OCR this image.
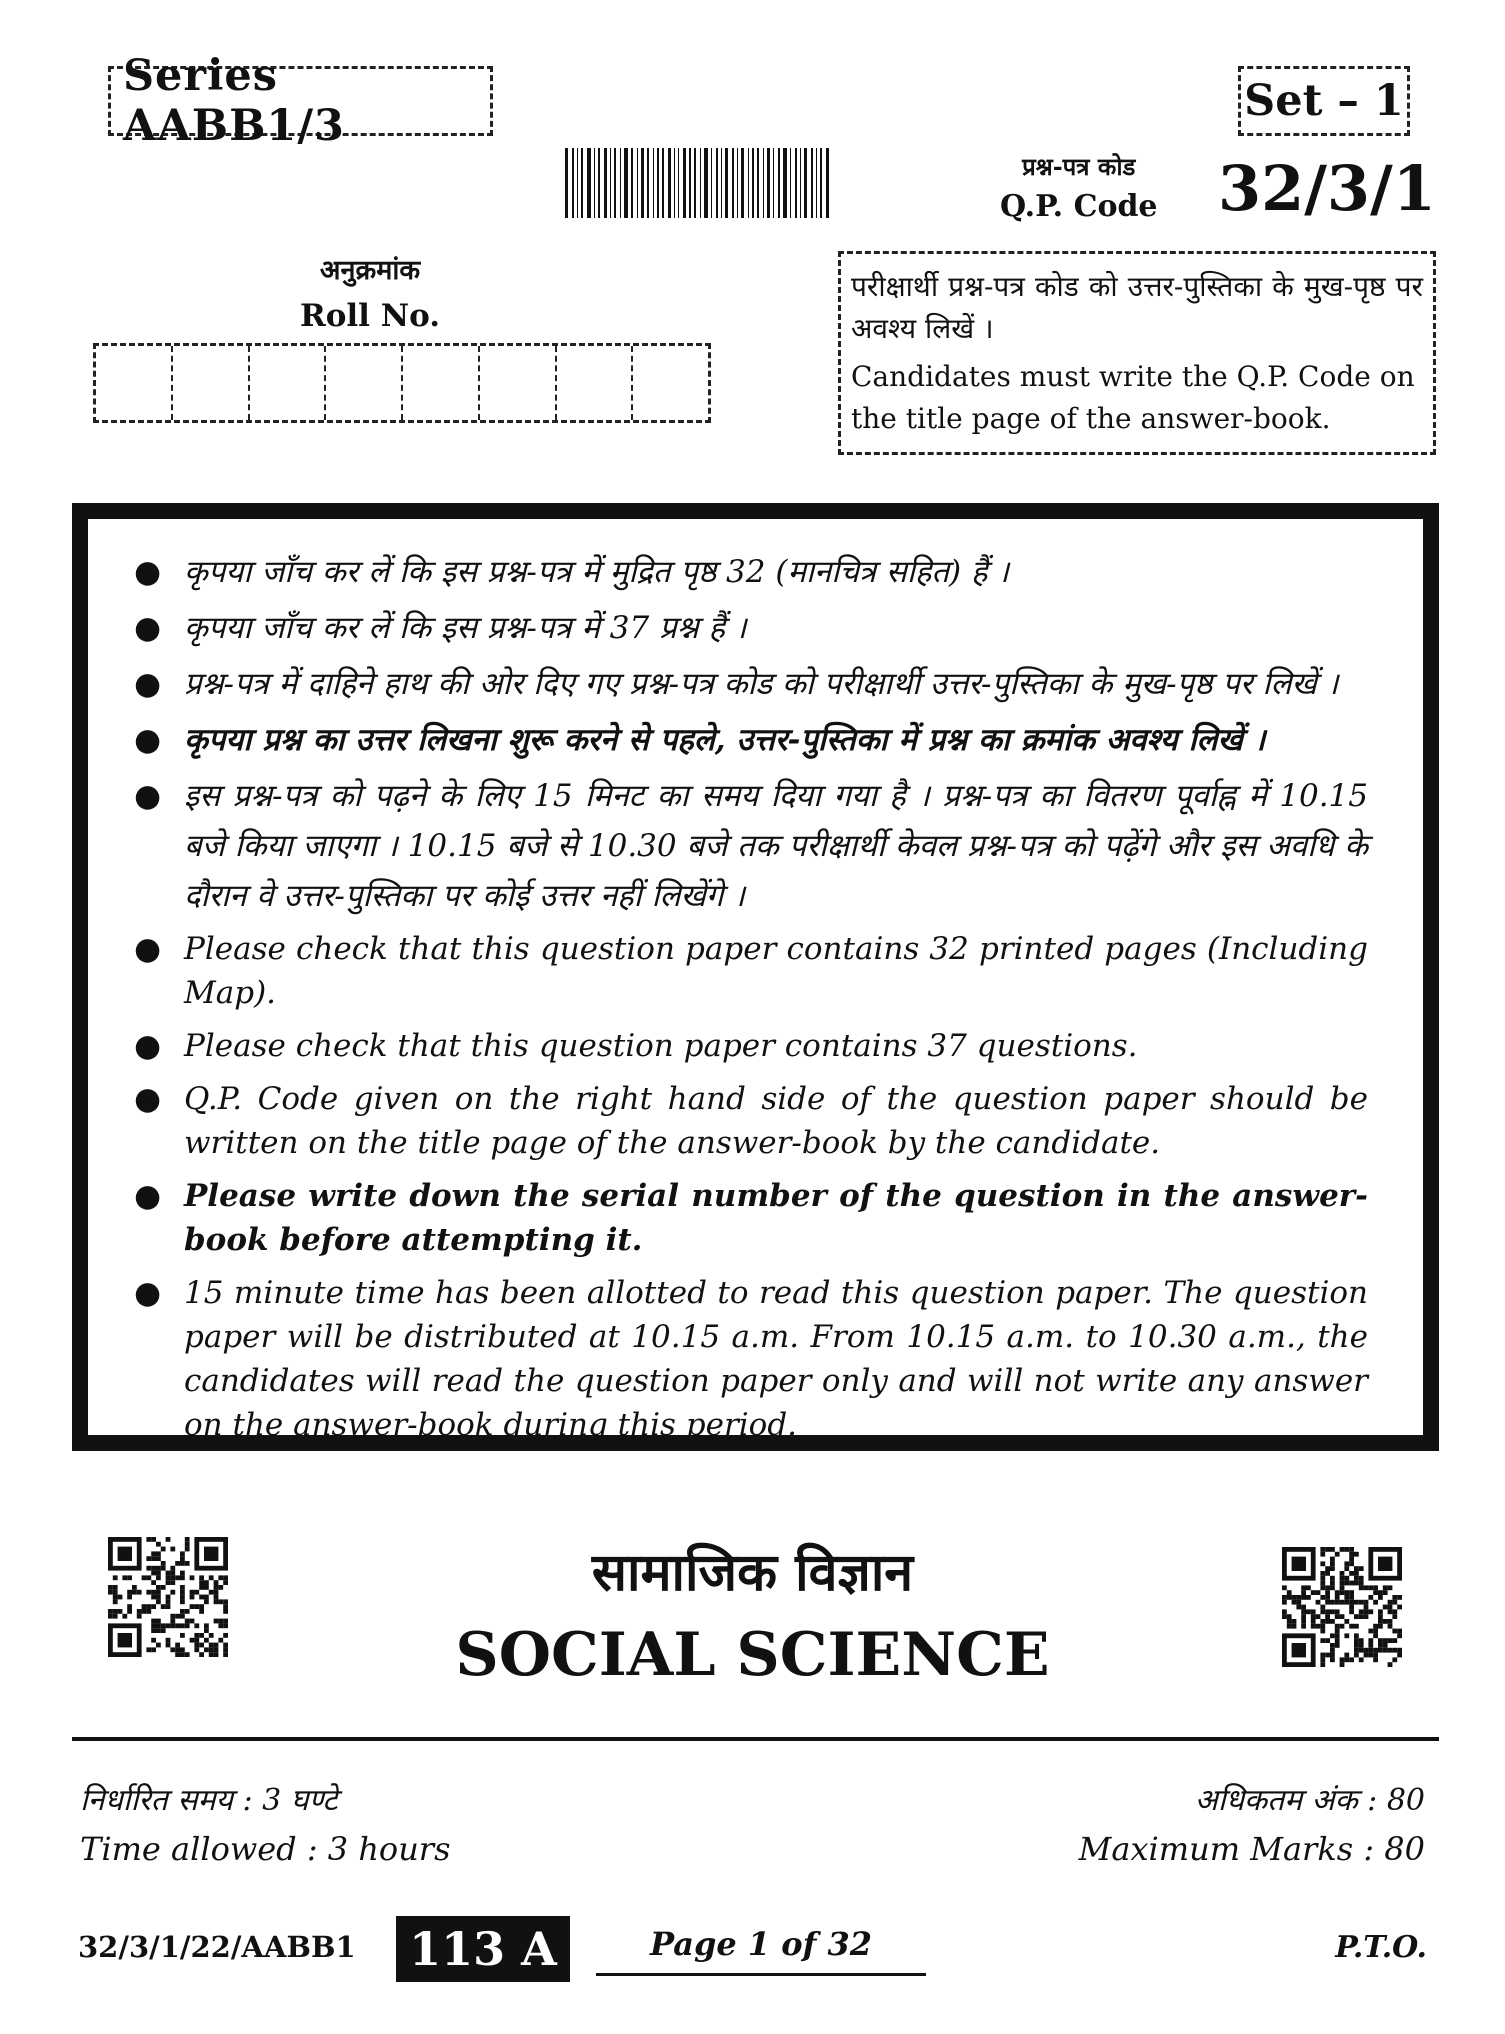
Series AABB1/3	Set – 1
प्रश्न-पत्र कोड
Q.P. Code 32/3/1
अनुक्रमांक
Roll No.
परीक्षार्थी प्रश्न-पत्र कोड को उत्तर-पुस्तिका के मुख-पृष्ठ पर अवश्य लिखें ।
Candidates must write the Q.P. Code on the title page of the answer-book.
● कृपया जाँच कर लें कि इस प्रश्न-पत्र में मुद्रित पृष्ठ 32 (मानचित्र सहित) हैं ।
● कृपया जाँच कर लें कि इस प्रश्न-पत्र में 37 प्रश्न हैं ।
● प्रश्न-पत्र में दाहिने हाथ की ओर दिए गए प्रश्न-पत्र कोड को परीक्षार्थी उत्तर-पुस्तिका के मुख-पृष्ठ पर लिखें ।
● कृपया प्रश्न का उत्तर लिखना शुरू करने से पहले, उत्तर-पुस्तिका में प्रश्न का क्रमांक अवश्य लिखें ।
● इस प्रश्न-पत्र को पढ़ने के लिए 15 मिनट का समय दिया गया है । प्रश्न-पत्र का वितरण पूर्वाह्न में 10.15 बजे किया जाएगा । 10.15 बजे से 10.30 बजे तक परीक्षार्थी केवल प्रश्न-पत्र को पढ़ेंगे और इस अवधि के दौरान वे उत्तर-पुस्तिका पर कोई उत्तर नहीं लिखेंगे ।
● Please check that this question paper contains 32 printed pages (Including Map).
● Please check that this question paper contains 37 questions.
● Q.P. Code given on the right hand side of the question paper should be written on the title page of the answer-book by the candidate.
● Please write down the serial number of the question in the answer-book before attempting it.
● 15 minute time has been allotted to read this question paper. The question paper will be distributed at 10.15 a.m. From 10.15 a.m. to 10.30 a.m., the candidates will read the question paper only and will not write any answer on the answer-book during this period.
सामाजिक विज्ञान
SOCIAL SCIENCE
निर्धारित समय : 3 घण्टे
Time allowed : 3 hours
अधिकतम अंक : 80
Maximum Marks : 80
32/3/1/22/AABB1 113 A	Page 1 of 32	P.T.O.
